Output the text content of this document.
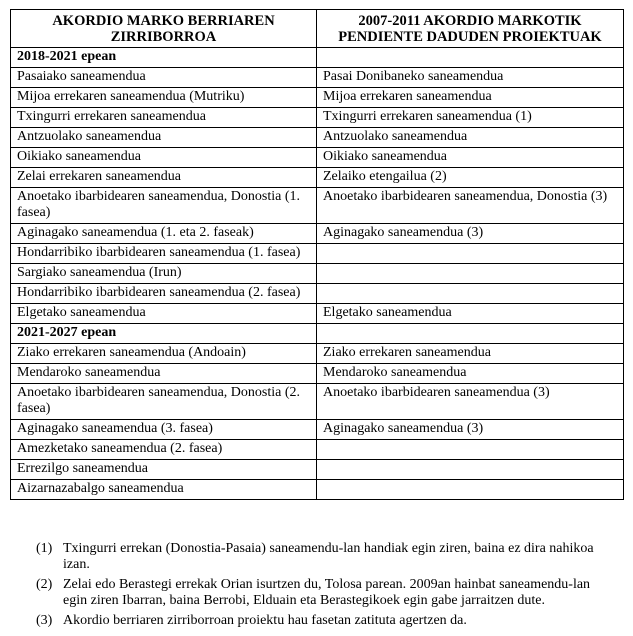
AKORDIO MARKO BERRIAREN ZIRRIBORROA	2007-2011 AKORDIO MARKOTIK PENDIENTE DADUDEN PROIEKTUAK
2018-2021 epean	
Pasaiako saneamendua	Pasai Donibaneko saneamendua
Mijoa errekaren saneamendua (Mutriku)	Mijoa errekaren saneamendua
Txingurri errekaren saneamendua	Txingurri errekaren saneamendua (1)
Antzuolako saneamendua	Antzuolako saneamendua
Oikiako saneamendua	Oikiako saneamendua
Zelai errekaren saneamendua	Zelaiko etengailua (2)
Anoetako ibarbidearen saneamendua, Donostia (1. fasea)	Anoetako ibarbidearen saneamendua, Donostia (3)
Aginagako saneamendua (1. eta 2. faseak)	Aginagako saneamendua (3)
Hondarribiko ibarbidearen saneamendua (1. fasea)	
Sargiako saneamendua (Irun)	
Hondarribiko ibarbidearen saneamendua (2. fasea)	
Elgetako saneamendua	Elgetako saneamendua
2021-2027 epean	
Ziako errekaren saneamendua (Andoain)	Ziako errekaren saneamendua
Mendaroko saneamendua	Mendaroko saneamendua
Anoetako ibarbidearen saneamendua, Donostia (2. fasea)	Anoetako ibarbidearen saneamendua (3)
Aginagako saneamendua (3. fasea)	Aginagako saneamendua (3)
Amezketako saneamendua (2. fasea)	
Errezilgo saneamendua	
Aizarnazabalgo saneamendua	
(1) Txingurri errekan (Donostia-Pasaia) saneamendu-lan handiak egin ziren, baina ez dira nahikoa izan.
(2) Zelai edo Berastegi errekak Orian isurtzen du, Tolosa parean. 2009an hainbat saneamendu-lan egin ziren Ibarran, baina Berrobi, Elduain eta Berastegikoek egin gabe jarraitzen dute.
(3) Akordio berriaren zirriborroan proiektu hau fasetan zatituta agertzen da.
